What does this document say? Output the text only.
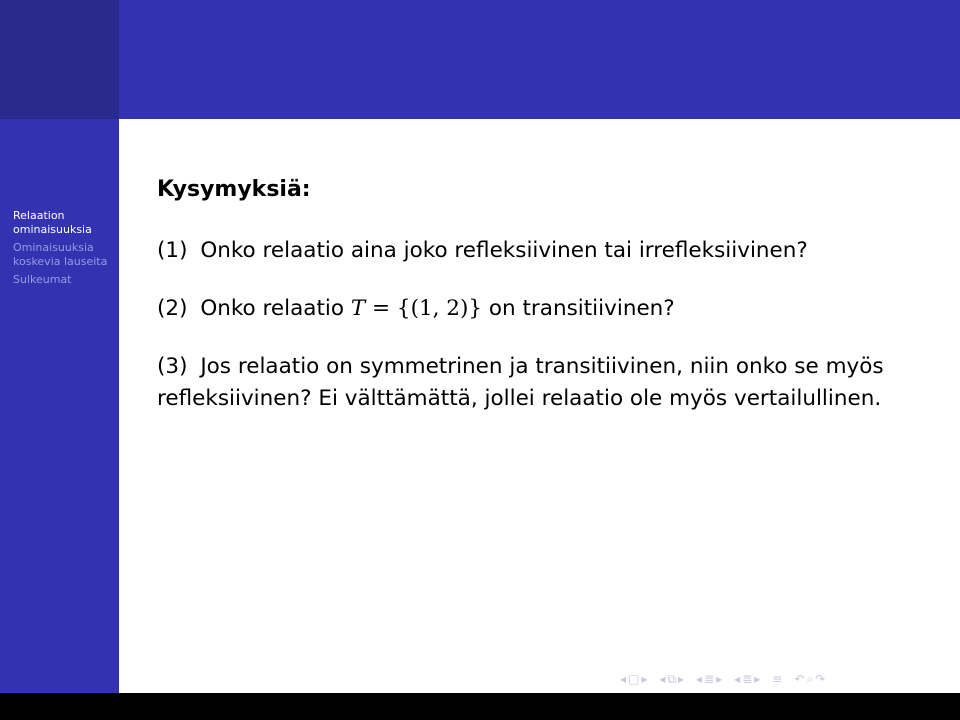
Relaation
ominaisuuksia
Ominaisuuksia
koskevia lauseita
Sulkeumat
Kysymyksiä:
(1) Onko relaatio aina joko refleksiivinen tai irrefleksiivinen?
(2) Onko relaatio T = {(1, 2)} on transitiivinen?
(3) Jos relaatio on symmetrinen ja transitiivinen, niin onko se myös refleksiivinen? Ei välttämättä, jollei relaatio ole myös vertailullinen.
◂ □ ▸ ◂ ⧉ ▸ ◂ ≣ ▸ ◂ ≣ ▸ ≡ ↶ ⌕ ↷
